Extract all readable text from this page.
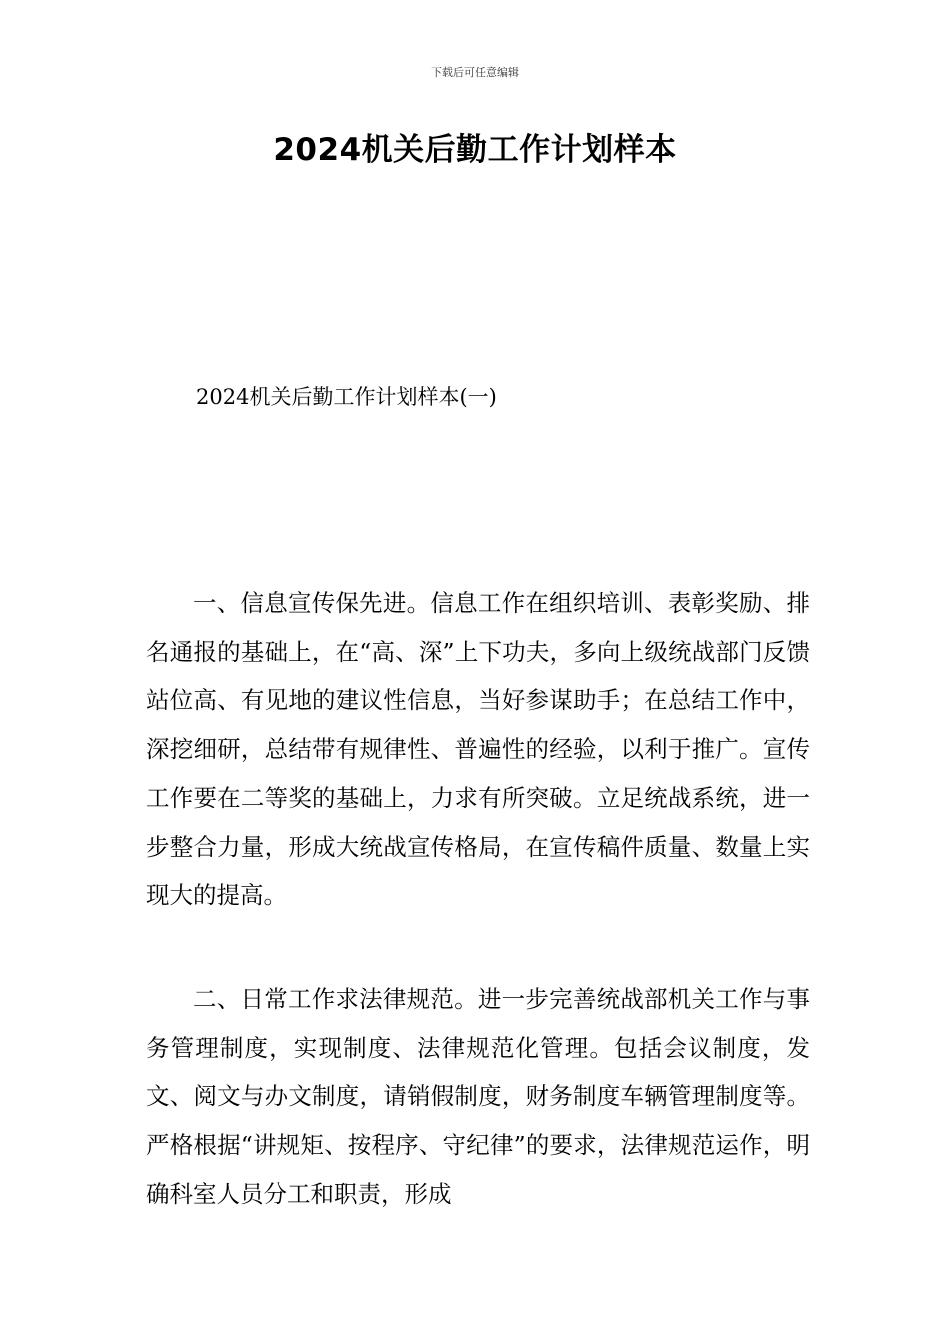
下载后可任意编辑
2024机关后勤工作计划样本
2024机关后勤工作计划样本(一)

一、信息宣传保先进。信息工作在组织培训、表彰奖励、排名通报的基础上，在“高、深”上下功夫，多向上级统战部门反馈站位高、有见地的建议性信息，当好参谋助手；在总结工作中，深挖细研，总结带有规律性、普遍性的经验，以利于推广。宣传工作要在二等奖的基础上，力求有所突破。立足统战系统，进一步整合力量，形成大统战宣传格局，在宣传稿件质量、数量上实现大的提高。

二、日常工作求法律规范。进一步完善统战部机关工作与事务管理制度，实现制度、法律规范化管理。包括会议制度，发文、阅文与办文制度，请销假制度，财务制度车辆管理制度等。严格根据“讲规矩、按程序、守纪律”的要求，法律规范运作，明确科室人员分工和职责，形成
